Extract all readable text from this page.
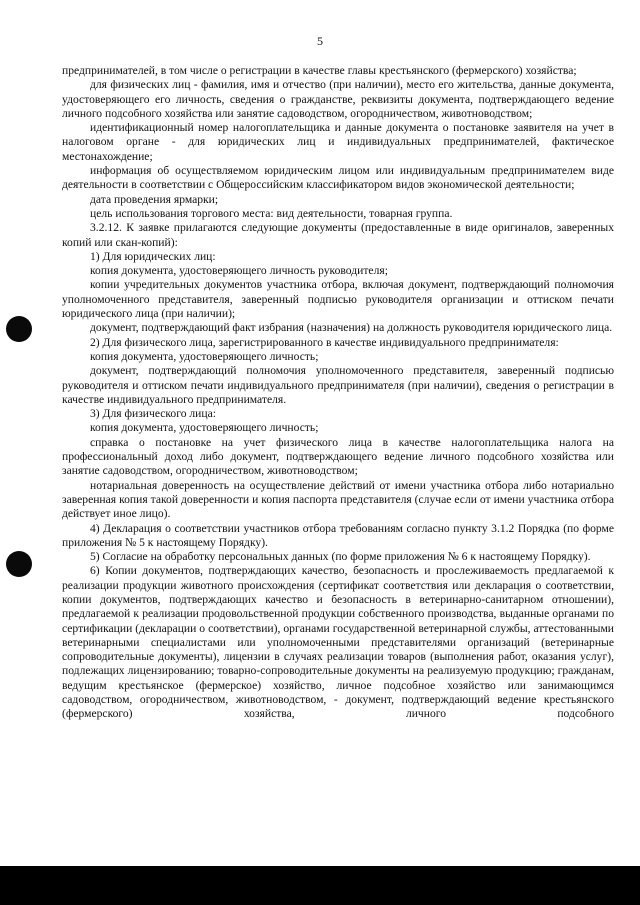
5

предпринимателей, в том числе о регистрации в качестве главы крестьянского (фермерского) хозяйства;

для физических лиц - фамилия, имя и отчество (при наличии), место его жительства, данные документа, удостоверяющего его личность, сведения о гражданстве, реквизиты документа, подтверждающего ведение личного подсобного хозяйства или занятие садоводством, огородничеством, животноводством;

идентификационный номер налогоплательщика и данные документа о постановке заявителя на учет в налоговом органе - для юридических лиц и индивидуальных предпринимателей, фактическое местонахождение;

информация об осуществляемом юридическим лицом или индивидуальным предпринимателем виде деятельности в соответствии с Общероссийским классификатором видов экономической деятельности;

дата проведения ярмарки;

цель использования торгового места: вид деятельности, товарная группа.

3.2.12. К заявке прилагаются следующие документы (предоставленные в виде оригиналов, заверенных копий или скан-копий):

1) Для юридических лиц:

копия документа, удостоверяющего личность руководителя;

копии учредительных документов участника отбора, включая документ, подтверждающий полномочия уполномоченного представителя, заверенный подписью руководителя организации и оттиском печати юридического лица (при наличии);

документ, подтверждающий факт избрания (назначения) на должность руководителя юридического лица.

2) Для физического лица, зарегистрированного в качестве индивидуального предпринимателя:

копия документа, удостоверяющего личность;

документ, подтверждающий полномочия уполномоченного представителя, заверенный подписью руководителя и оттиском печати индивидуального предпринимателя (при наличии), сведения о регистрации в качестве индивидуального предпринимателя.

3) Для физического лица:

копия документа, удостоверяющего личность;

справка о постановке на учет физического лица в качестве налогоплательщика налога на профессиональный доход либо документ, подтверждающего ведение личного подсобного хозяйства или занятие садоводством, огородничеством, животноводством;

нотариальная доверенность на осуществление действий от имени участника отбора либо нотариально заверенная копия такой доверенности и копия паспорта представителя (случае если от имени участника отбора действует иное лицо).

4) Декларация о соответствии участников отбора требованиям согласно пункту 3.1.2 Порядка (по форме приложения № 5 к настоящему Порядку).

5) Согласие на обработку персональных данных (по форме приложения № 6 к настоящему Порядку).

6) Копии документов, подтверждающих качество, безопасность и прослеживаемость предлагаемой к реализации продукции животного происхождения (сертификат соответствия или декларация о соответствии, копии документов, подтверждающих качество и безопасность в ветеринарно-санитарном отношении), предлагаемой к реализации продовольственной продукции собственного производства, выданные органами по сертификации (декларации о соответствии), органами государственной ветеринарной службы, аттестованными ветеринарными специалистами или уполномоченными представителями организаций (ветеринарные сопроводительные документы), лицензии в случаях реализации товаров (выполнения работ, оказания услуг), подлежащих лицензированию; товарно-сопроводительные документы на реализуемую продукцию; гражданам, ведущим крестьянское (фермерское) хозяйство, личное подсобное хозяйство или занимающимся садоводством, огородничеством, животноводством, - документ, подтверждающий ведение крестьянского (фермерского) хозяйства, личного подсобного
